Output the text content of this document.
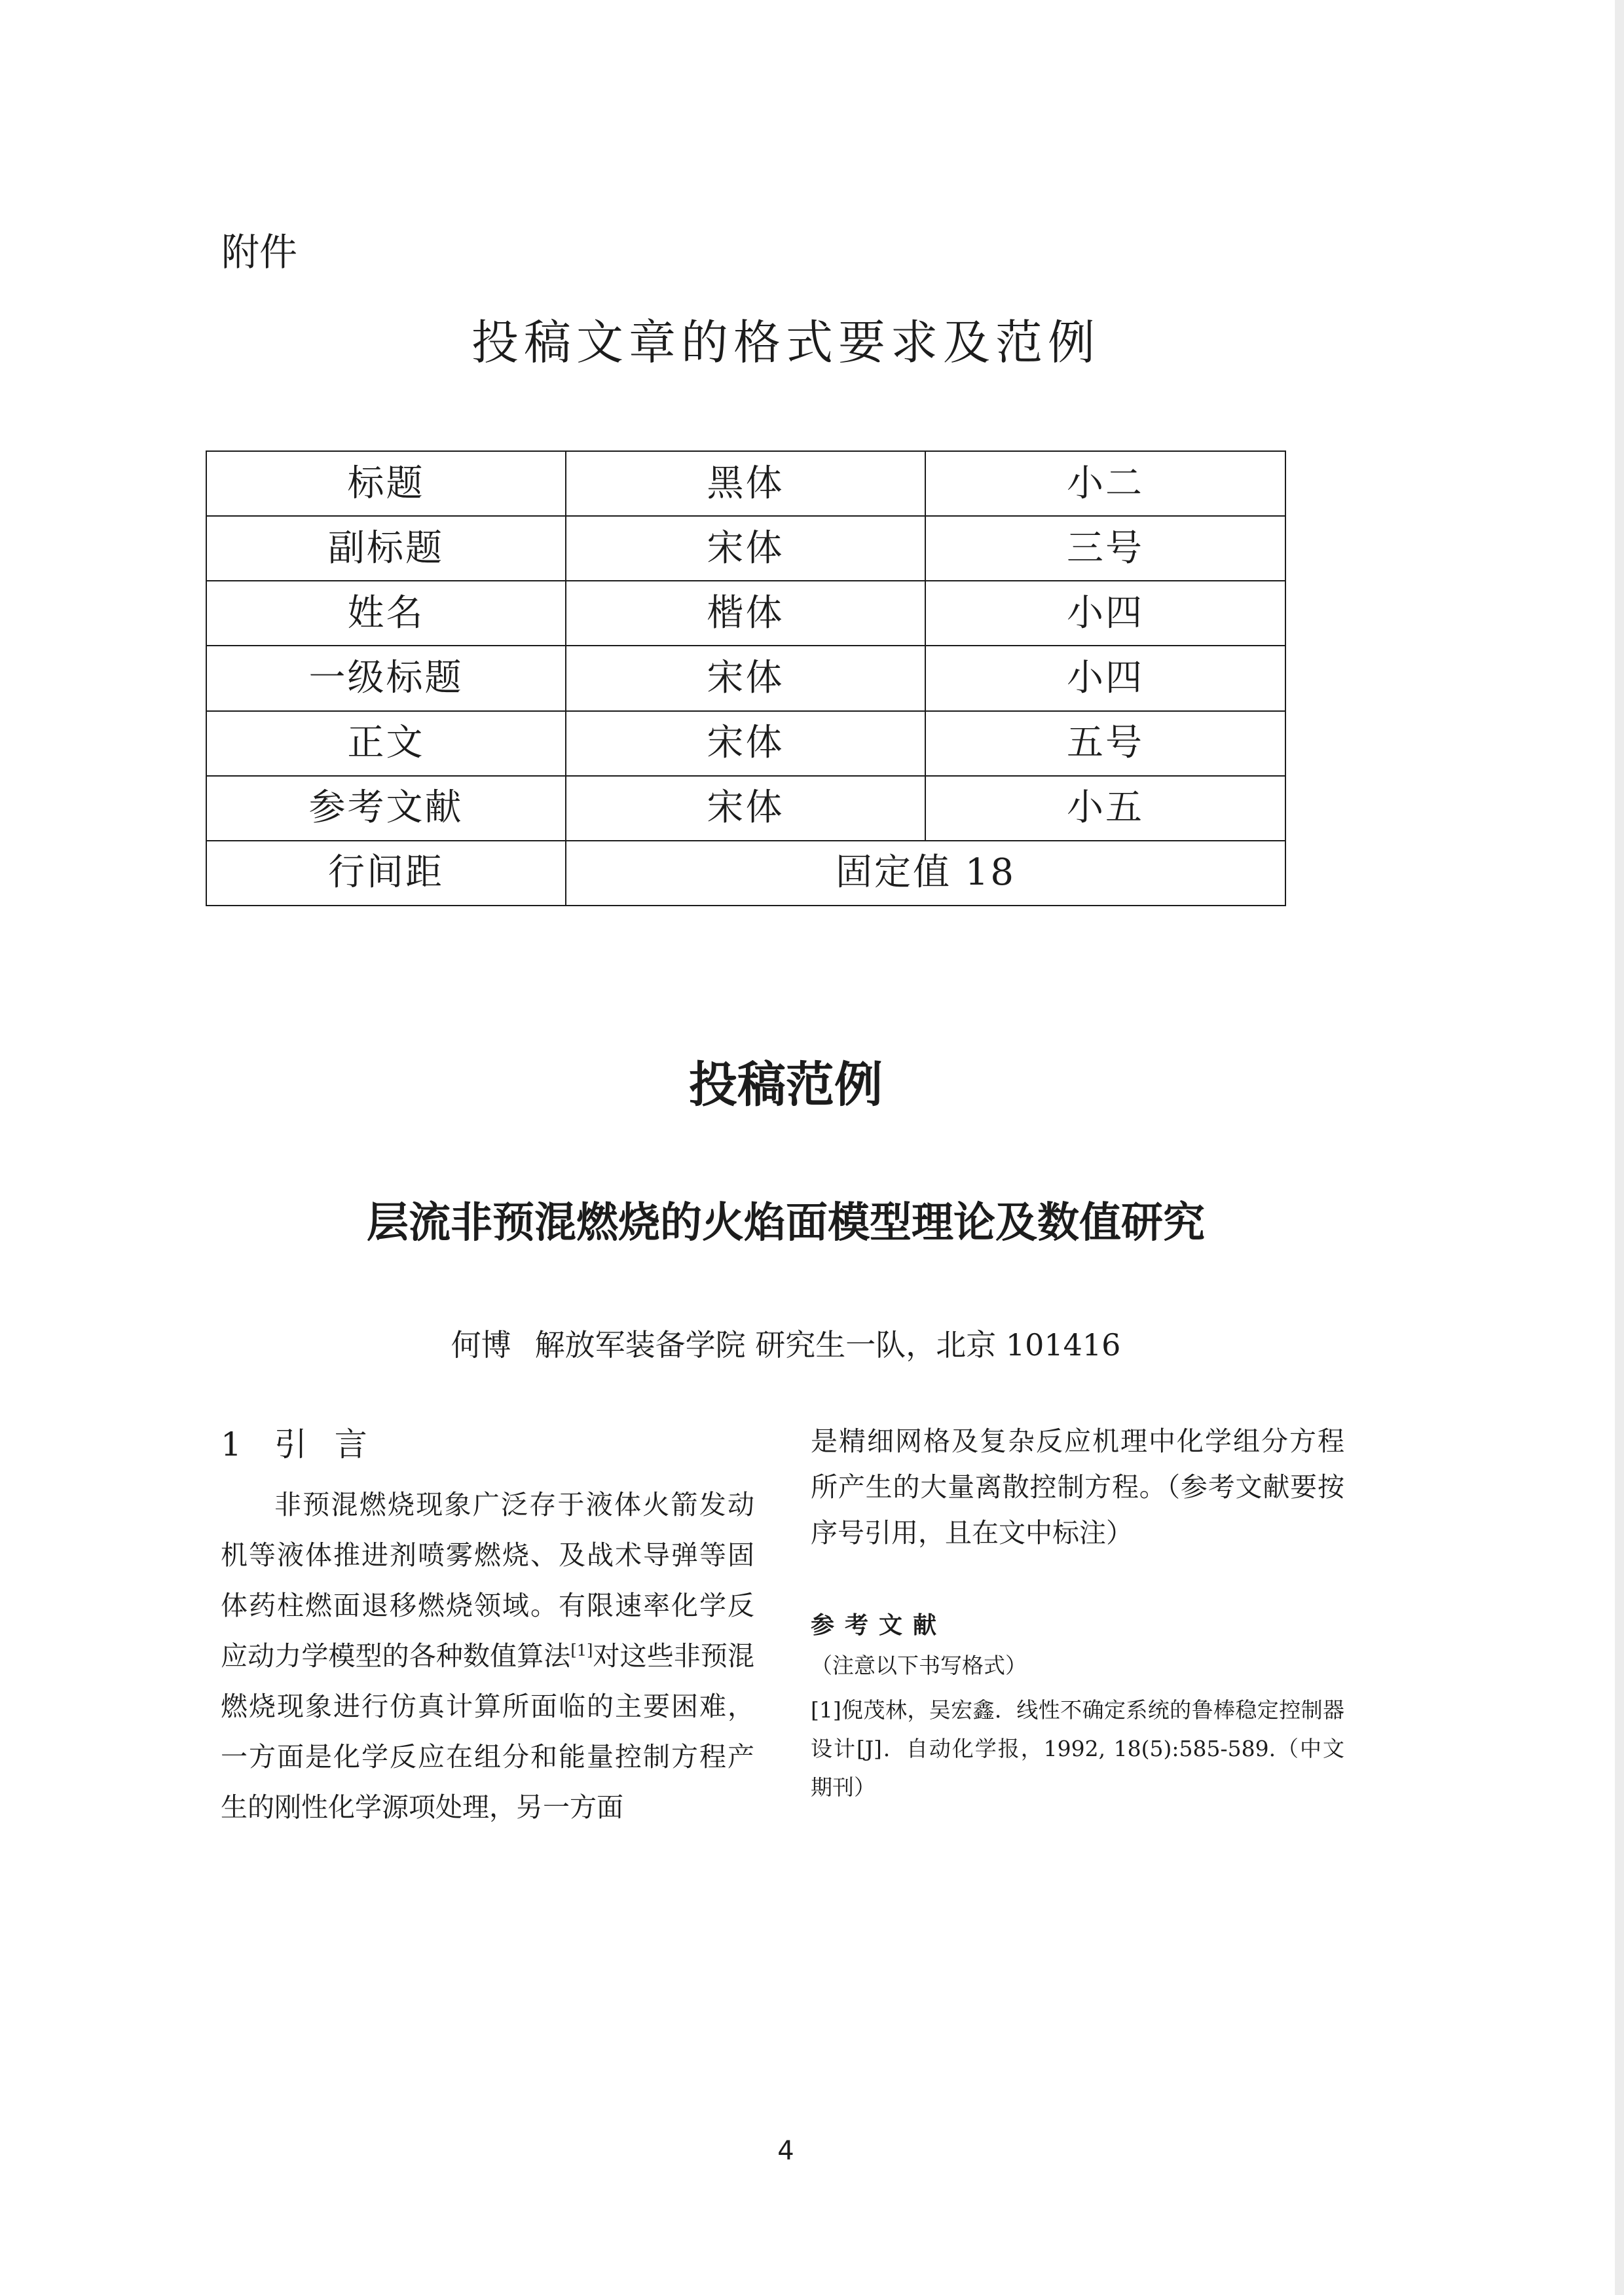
附件
投稿文章的格式要求及范例
标题	黑体	小二
副标题	宋体	三号
姓名	楷体	小四
一级标题	宋体	小四
正文	宋体	五号
参考文献	宋体	小五
行间距	固定值 18	
投稿范例
层流非预混燃烧的火焰面模型理论及数值研究
何博 解放军装备学院 研究生一队，北京 101416
1 引言

非预混燃烧现象广泛存于液体火箭发动机等液体推进剂喷雾燃烧、及战术导弹等固体药柱燃面退移燃烧领域。有限速率化学反应动力学模型的各种数值算法[1]对这些非预混燃烧现象进行仿真计算所面临的主要困难，一方面是化学反应在组分和能量控制方程产生的刚性化学源项处理，另一方面

是精细网格及复杂反应机理中化学组分方程所产生的大量离散控制方程。（参考文献要按序号引用，且在文中标注）

参考文献
（注意以下书写格式）
[1]倪茂林，吴宏鑫．线性不确定系统的鲁棒稳定控制器设计[J]．自动化学报，1992, 18(5):585-589.（中文期刊）
4
